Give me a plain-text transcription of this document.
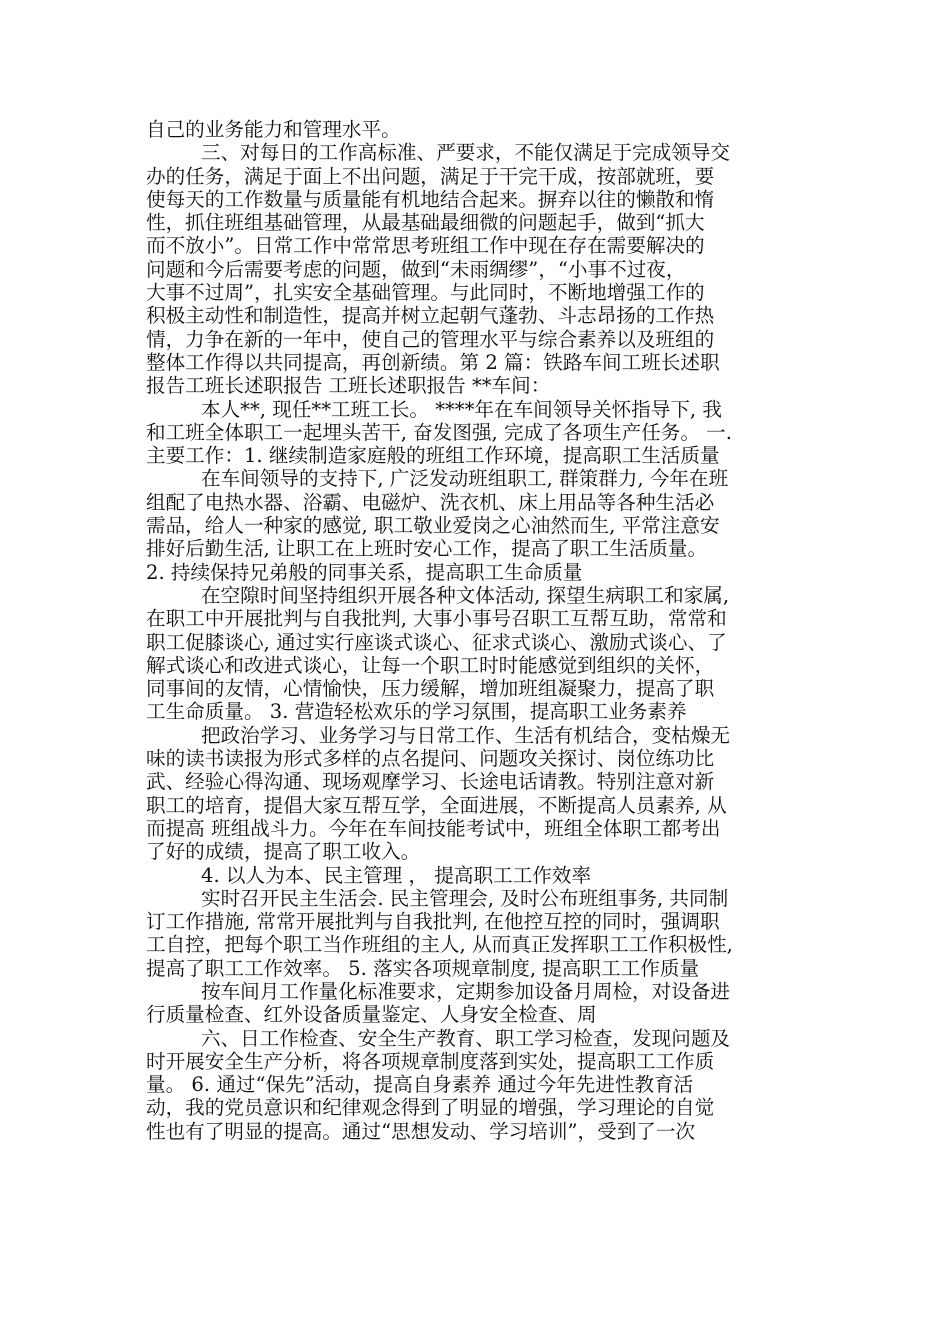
自己的业务能力和管理水平。
三、对每日的工作高标准、严要求，不能仅满足于完成领导交
办的任务，满足于面上不出问题，满足于干完干成，按部就班，要
使每天的工作数量与质量能有机地结合起来。摒弃以往的懒散和惰
性，抓住班组基础管理，从最基础最细微的问题起手，做到“抓大
而不放小”。日常工作中常常思考班组工作中现在存在需要解决的
问题和今后需要考虑的问题，做到“未雨绸缪”，“小事不过夜，
大事不过周”，扎实安全基础管理。与此同时，不断地增强工作的
积极主动性和制造性，提高并树立起朝气蓬勃、斗志昂扬的工作热
情，力争在新的一年中，使自己的管理水平与综合素养以及班组的
整体工作得以共同提高，再创新绩。第 2 篇：铁路车间工班长述职
报告工班长述职报告 工班长述职报告 **车间：
本人**, 现任**工班工长。 ****年在车间领导关怀指导下, 我
和工班全体职工一起埋头苦干, 奋发图强, 完成了各项生产任务。 一.
主要工作：1. 继续制造家庭般的班组工作环境，提高职工生活质量
在车间领导的支持下, 广泛发动班组职工, 群策群力, 今年在班
组配了电热水器、浴霸、电磁炉、洗衣机、床上用品等各种生活必
需品，给人一种家的感觉, 职工敬业爱岗之心油然而生, 平常注意安
排好后勤生活, 让职工在上班时安心工作，提高了职工生活质量。
2. 持续保持兄弟般的同事关系，提高职工生命质量
在空隙时间坚持组织开展各种文体活动, 探望生病职工和家属,
在职工中开展批判与自我批判, 大事小事号召职工互帮互助，常常和
职工促膝谈心, 通过实行座谈式谈心、征求式谈心、激励式谈心、了
解式谈心和改进式谈心，让每一个职工时时能感觉到组织的关怀，
同事间的友情，心情愉快，压力缓解，增加班组凝聚力，提高了职
工生命质量。 3. 营造轻松欢乐的学习氛围，提高职工业务素养
把政治学习、业务学习与日常工作、生活有机结合，变枯燥无
味的读书读报为形式多样的点名提问、问题攻关探讨、岗位练功比
武、经验心得沟通、现场观摩学习、长途电话请教。特别注意对新
职工的培育，提倡大家互帮互学，全面进展，不断提高人员素养, 从
而提高 班组战斗力。今年在车间技能考试中，班组全体职工都考出
了好的成绩，提高了职工收入。
4. 以人为本、民主管理 ， 提高职工工作效率
实时召开民主生活会. 民主管理会, 及时公布班组事务, 共同制
订工作措施, 常常开展批判与自我批判, 在他控互控的同时，强调职
工自控，把每个职工当作班组的主人, 从而真正发挥职工工作积极性,
提高了职工工作效率。 5. 落实各项规章制度, 提高职工工作质量
按车间月工作量化标准要求，定期参加设备月周检，对设备进
行质量检查、红外设备质量鉴定、人身安全检查、周
六、日工作检查、安全生产教育、职工学习检查，发现问题及
时开展安全生产分析，将各项规章制度落到实处，提高职工工作质
量。 6. 通过“保先”活动，提高自身素养 通过今年先进性教育活
动，我的党员意识和纪律观念得到了明显的增强，学习理论的自觉
性也有了明显的提高。通过“思想发动、学习培训”，受到了一次
